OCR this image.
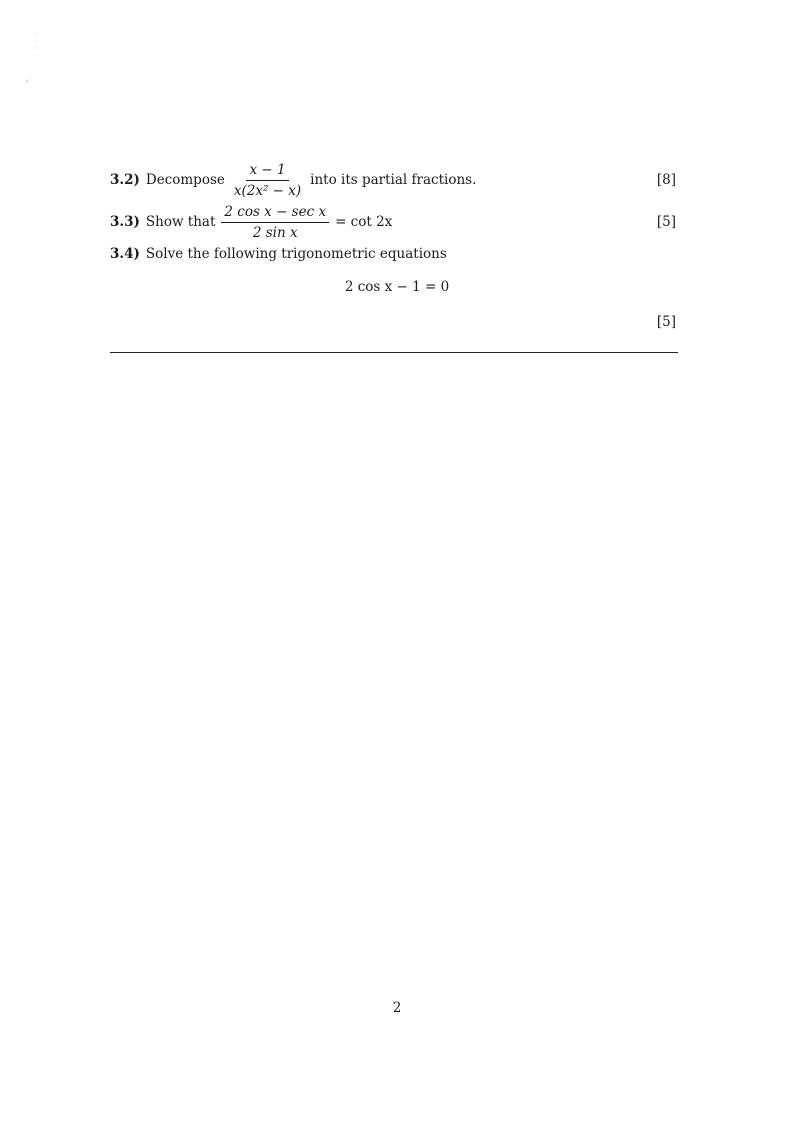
·
·
‚·
3.2) Decompose $\frac{x - 1}{\text{x(2x² − x)}}$ into its partial fractions.	[8]
3.3) Show that $\frac{\text{2 cos x − sec x}}{\text{2 sin x}} = \cot 2x$	[5]
3.4) Solve the following trigonometric equations
2 cos x − 1 = 0
[5]
2
